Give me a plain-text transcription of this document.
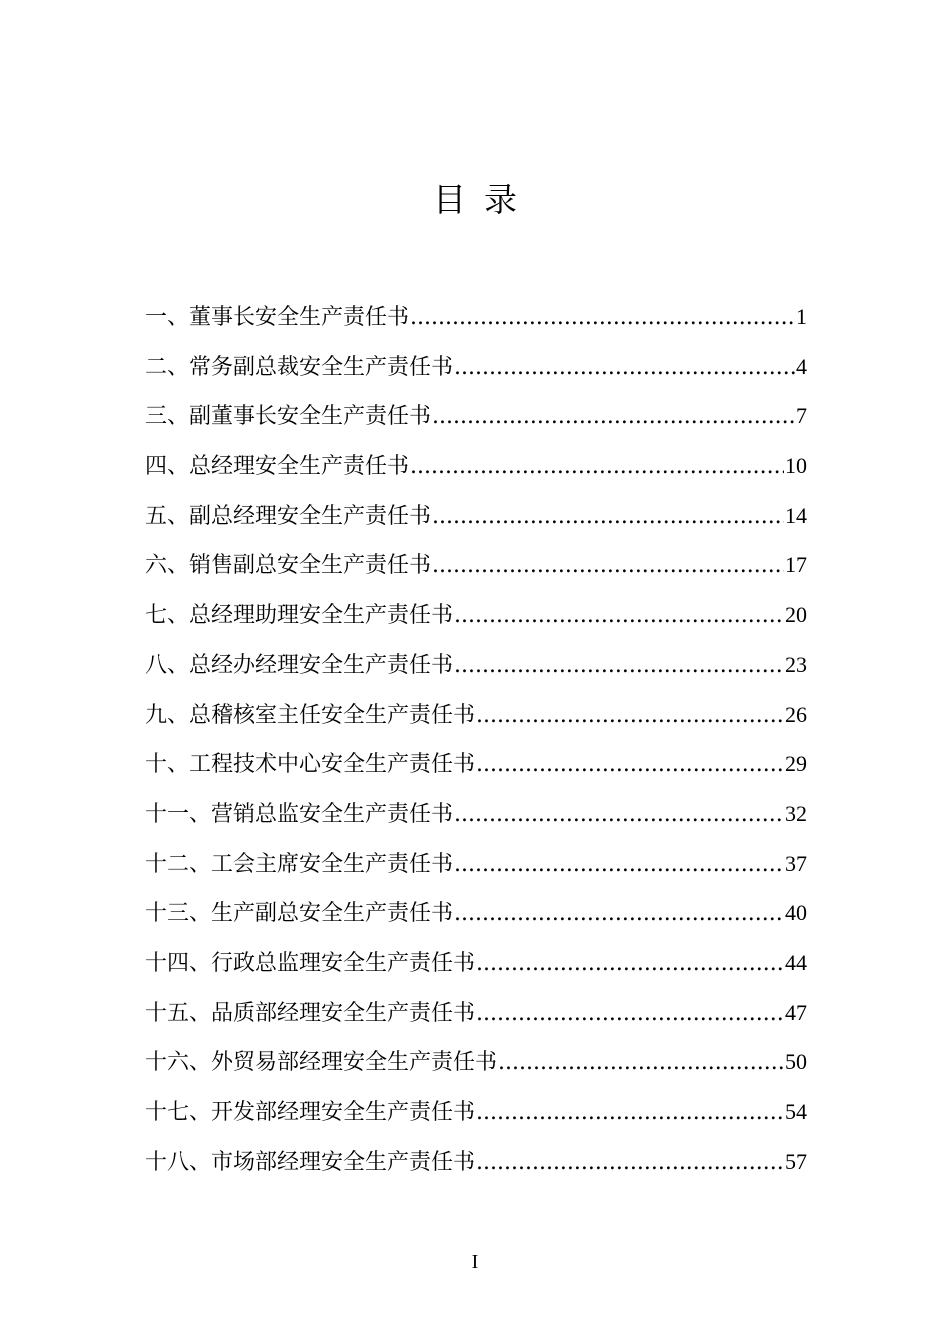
目录
一、董事长安全生产责任书 .....	1
二、常务副总裁安全生产责任书 .....	4
三、副董事长安全生产责任书 .....	7
四、总经理安全生产责任书 .....	10
五、副总经理安全生产责任书 .....	14
六、销售副总安全生产责任书 .....	17
七、总经理助理安全生产责任书 .....	20
八、总经办经理安全生产责任书 .....	23
九、总稽核室主任安全生产责任书 .....	26
十、工程技术中心安全生产责任书 .....	29
十一、营销总监安全生产责任书 .....	32
十二、工会主席安全生产责任书 .....	37
十三、生产副总安全生产责任书 .....	40
十四、行政总监理安全生产责任书 .....	44
十五、品质部经理安全生产责任书 .....	47
十六、外贸易部经理安全生产责任书 .....	50
十七、开发部经理安全生产责任书 .....	54
十八、市场部经理安全生产责任书 .....	57
I
